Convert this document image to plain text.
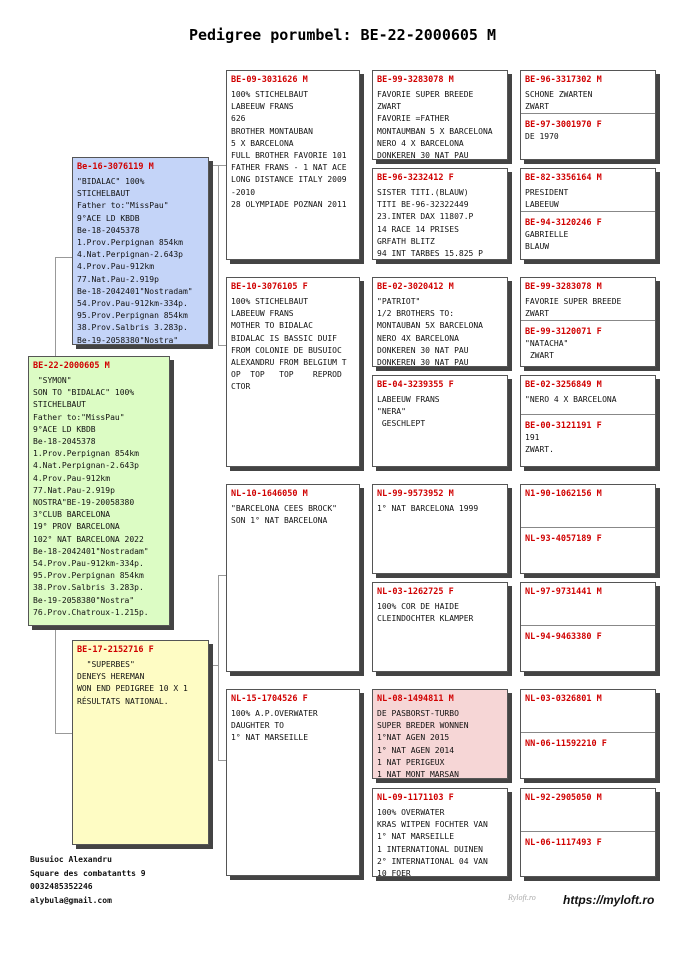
Pedigree porumbel: BE-22-2000605 M
BE-22-2000605 M
"SYMON"
SON TO "BIDALAC" 100%
STICHELBAUT
Father to:"MissPau"
9°ACE LD KBDB
Be-18-2045378
1.Prov.Perpignan 854km
4.Nat.Perpignan-2.643p
4.Prov.Pau-912km
77.Nat.Pau-2.919p
NOSTRA"BE-19-20058380
3°CLUB BARCELONA
19° PROV BARCELONA
102° NAT BARCELONA 2022
Be-18-2042401"Nostradam"
54.Prov.Pau-912km-334p.
95.Prov.Perpignan 854km
38.Prov.Salbris 3.283p.
Be-19-2058380"Nostra"
76.Prov.Chatroux-1.215p.
Be-16-3076119 M
"BIDALAC" 100%
STICHELBAUT
Father to:"MissPau"
9°ACE LD KBDB
Be-18-2045378
1.Prov.Perpignan 854km
4.Nat.Perpignan-2.643p
4.Prov.Pau-912km
77.Nat.Pau-2.919p
Be-18-2042401"Nostradam"
54.Prov.Pau-912km-334p.
95.Prov.Perpignan 854km
38.Prov.Salbris 3.283p.
Be-19-2058380"Nostra"
BE-17-2152716 F
"SUPERBES"
DENEYS HEREMAN
WON END PEDIGREE 10 X 1
RÉSULTATS NATIONAL.
BE-09-3031626 M
100% STICHELBAUT
LABEEUW FRANS
626
BROTHER MONTAUBAN
5 X BARCELONA
FULL BROTHER FAVORIE 101
FATHER FRANS - 1 NAT ACE
LONG DISTANCE ITALY 2009
-2010
28 OLYMPIADE POZNAN 2011
BE-10-3076105 F
100% STICHELBAUT
LABEEUW FRANS
MOTHER TO BIDALAC
BIDALAC IS BASSIC DUIF
FROM COLONIE DE BUSUIOC
ALEXANDRU FROM BELGIUM T
OP  TOP   TOP    REPROD
CTOR
NL-10-1646050 M
"BARCELONA CEES BROCK"
SON 1° NAT BARCELONA
NL-15-1704526 F
100% A.P.OVERWATER
DAUGHTER TO
1° NAT MARSEILLE
BE-99-3283078 M
FAVORIE SUPER BREEDE
ZWART
FAVORIE =FATHER
MONTAUMBAN 5 X BARCELONA
NERO 4 X BARCELONA
DONKEREN 30 NAT PAU
BE-96-3232412 F
SISTER TITI.(BLAUW)
TITI BE-96-32322449
23.INTER DAX 11807.P
14 RACE 14 PRISES
GRFATH BLITZ
94 INT TARBES 15.825 P
BE-02-3020412 M
"PATRIOT"
1/2 BROTHERS TO:
MONTAUBAN 5X BARCELONA
NERO 4X BARCELONA
DONKEREN 30 NAT PAU
DONKEREN 30 NAT PAU
BE-04-3239355 F
LABEEUW FRANS
"NERA"
GESCHLEPT
NL-99-9573952 M
1° NAT BARCELONA 1999
NL-03-1262725 F
100% COR DE HAIDE
CLEINDOCHTER KLAMPER
NL-08-1494811 M
DE PASBORST-TURBO
SUPER BREDER WONNEN
1°NAT AGEN 2015
1° NAT AGEN 2014
1 NAT PERIGEUX
1 NAT MONT MARSAN
NL-09-1171103 F
100% OVERWATER
KRAS WITPEN FOCHTER VAN
1° NAT MARSEILLE
1 INTERNATIONAL DUINEN
2° INTERNATIONAL 04 VAN
10 FOER
BE-96-3317302 M
SCHONE ZWARTEN
ZWART
BE-97-3001970 F
DE 1970
BE-82-3356164 M
PRESIDENT
LABEEUW
BE-94-3120246 F
GABRIELLE
BLAUW
BE-99-3283078 M
FAVORIE SUPER BREEDE
ZWART
BE-99-3120071 F
"NATACHA"
ZWART
BE-02-3256849 M
"NERO 4 X BARCELONA
BE-00-3121191 F
191
ZWART.
N1-90-1062156 M
NL-93-4057189 F
NL-97-9731441 M
NL-94-9463380 F
NL-03-0326801 M
NN-06-11592210 F
NL-92-2905050 M
NL-06-1117493 F
Busuioc Alexandru
Square des combatantts 9
0032485352246
alybula@gmail.com	Ryloft.ro https://myloft.ro
